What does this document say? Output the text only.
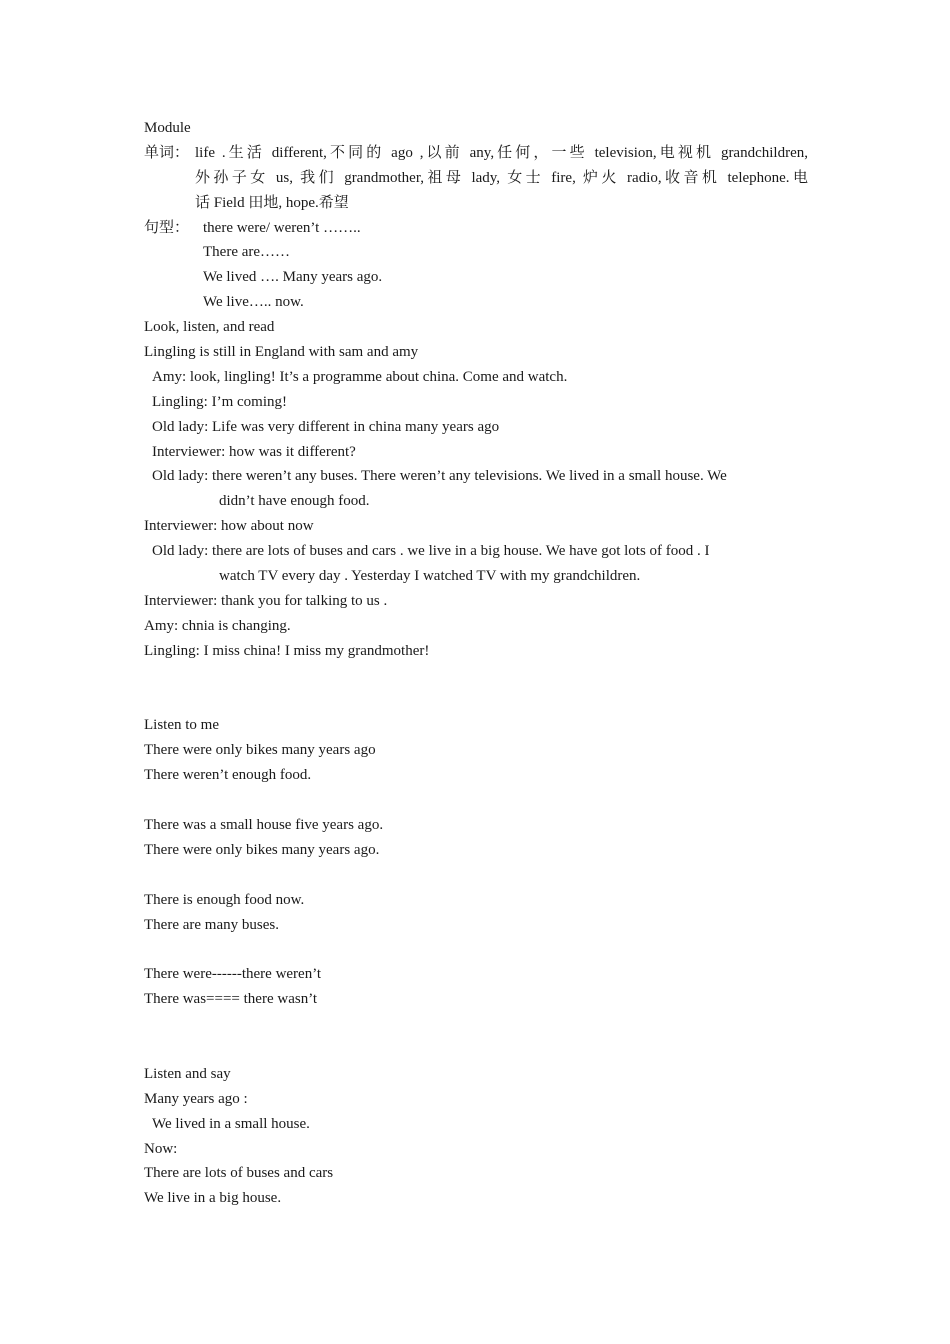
Module
单词： life .生活 different,不同的 ago ,以前 any,任何，一些 television,电视机 grandchildren,
外孙子女 us, 我们 grandmother,祖母 lady, 女士 fire, 炉火 radio,收音机 telephone.电
话 Field 田地, hope.希望
句型： there were/ weren’t ……..
There are……
We lived …. Many years ago.
We live….. now.
Look, listen, and read
Lingling is still in England with sam and amy
Amy: look, lingling! It’s a programme about china. Come and watch.
Lingling: I’m coming!
Old lady: Life was very different in china many years ago
Interviewer: how was it different?
Old lady: there weren’t any buses. There weren’t any televisions. We lived in a small house. We
didn’t have enough food.
Interviewer: how about now
Old lady: there are lots of buses and cars . we live in a big house. We have got lots of food . I
watch TV every day . Yesterday I watched TV with my grandchildren.
Interviewer: thank you for talking to us .
Amy: chnia is changing.
Lingling: I miss china! I miss my grandmother!
Listen to me
There were only bikes many years ago
There weren’t enough food.
There was a small house five years ago.
There were only bikes many years ago.
There is enough food now.
There are many buses.
There were------there weren’t
There was==== there wasn’t
Listen and say
Many years ago :
We lived in a small house.
Now:
There are lots of buses and cars
We live in a big house.
